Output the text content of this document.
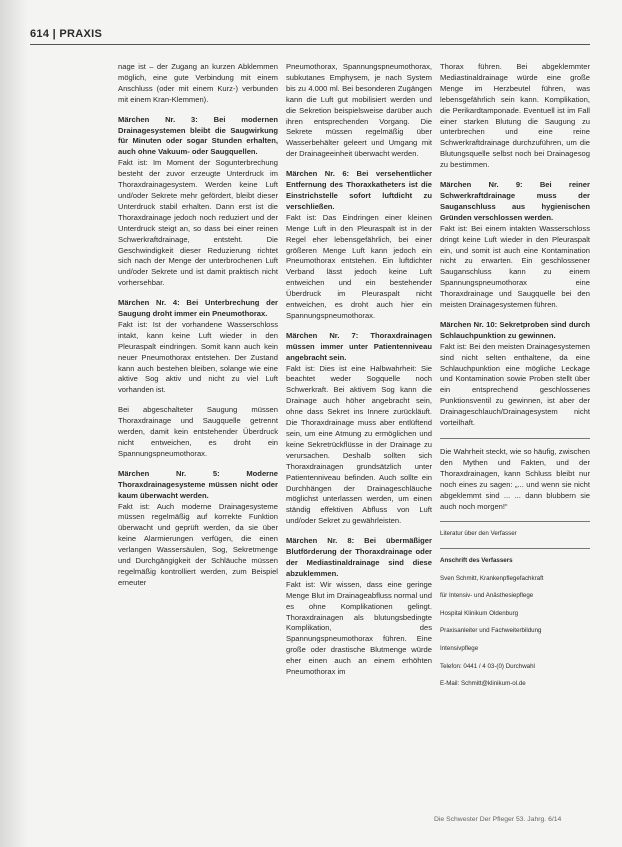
614 | PRAXIS

nage ist – der Zugang an kurzen Abklemmen möglich, eine gute Verbindung mit einem Anschluss (oder mit einem Kurz-) verbunden mit einem Kran-Klemmen).

Märchen Nr. 3: Bei modernen Drainagesystemen bleibt die Saugwirkung für Minuten oder sogar Stunden erhalten, auch ohne Vakuum- oder Saugquellen.

Fakt ist: Im Moment der Sogunterbrechung besteht der zuvor erzeugte Unterdruck im Thoraxdrainagesystem. Werden keine Luft und/oder Sekrete mehr gefördert, bleibt dieser Unterdruck stabil erhalten. Dann erst ist die Thoraxdrainage jedoch noch reduziert und der Unterdruck steigt an, so dass bei einer reinen Schwerkraftdrainage, entsteht. Die Geschwindigkeit dieser Reduzierung richtet sich nach der Menge der unterbrochenen Luft und/oder Sekrete und ist damit praktisch nicht vorhersehbar.

Märchen Nr. 4: Bei Unterbrechung der Saugung droht immer ein Pneumothorax.

Fakt ist: Ist der vorhandene Wasserschloss intakt, kann keine Luft wieder in den Pleuraspalt eindringen. Somit kann auch kein neuer Pneumothorax entstehen. Der Zustand kann auch bestehen bleiben, solange wie eine aktive Sog aktiv und nicht zu viel Luft vorhanden ist.

Bei abgeschalteter Saugung müssen Thoraxdrainage und Saugquelle getrennt werden, damit kein entstehender Überdruck nicht entweichen, es droht ein Spannungspneumothorax.

Märchen Nr. 5: Moderne Thoraxdrainagesysteme müssen nicht oder kaum überwacht werden.

Fakt ist: Auch moderne Drainagesysteme müssen regelmäßig auf korrekte Funktion überwacht und geprüft werden, da sie über keine Alarmierungen verfügen, die einen verlangen Wassersäulen, Sog, Sekretmenge und Durchgängigkeit der Schläuche müssen regelmäßig kontrolliert werden, zum Beispiel erneuter

Pneumothorax, Spannungspneumothorax, subkutanes Emphysem, je nach System bis zu 4.000 ml. Bei besonderen Zugängen kann die Luft gut mobilisiert werden und die Sekretion beispielsweise darüber auch ihren entsprechenden Vorgang. Die Sekrete müssen regelmäßig über Wasserbehälter geleert und Umgang mit der Drainageeinheit überwacht werden.

Märchen Nr. 6: Bei versehentlicher Entfernung des Thoraxkatheters ist die Einstrichstelle sofort luftdicht zu verschließen.

Fakt ist: Das Eindringen einer kleinen Menge Luft in den Pleuraspalt ist in der Regel eher lebensgefährlich, bei einer größeren Menge Luft kann jedoch ein Pneumothorax entstehen. Ein luftdichter Verband lässt jedoch keine Luft entweichen und ein bestehender Überdruck im Pleuraspalt nicht entweichen, es droht auch hier ein Spannungspneumothorax.

Märchen Nr. 7: Thoraxdrainagen müssen immer unter Patientenniveau angebracht sein.

Fakt ist: Dies ist eine Halbwahrheit: Sie beachtet weder Sogquelle noch Schwerkraft. Bei aktivem Sog kann die Drainage auch höher angebracht sein, ohne dass Sekret ins Innere zurückläuft. Die Thoraxdrainage muss aber entlüftend sein, um eine Atmung zu ermöglichen und keine Sekretrückflüsse in der Drainage zu verursachen. Deshalb sollten sich Thoraxdrainagen grundsätzlich unter Patientenniveau befinden. Auch sollte ein Durchhängen der Drainageschläuche möglichst unterlassen werden, um einen ständig effektiven Abfluss von Luft und/oder Sekret zu gewährleisten.

Märchen Nr. 8: Bei übermäßiger Blutförderung der Thoraxdrainage oder der Mediastinaldrainage sind diese abzuklemmen.

Fakt ist: Wir wissen, dass eine geringe Menge Blut im Drainageabfluss normal und es ohne Komplikationen gelingt. Thoraxdrainagen als blutungsbedingte Komplikation, des Spannungspneumothorax führen. Eine große oder drastische Blutmenge würde eher einen auch an einem erhöhten Pneumothorax im

Thorax führen. Bei abgeklemmter Mediastinaldrainage würde eine große Menge im Herzbeutel führen, was lebensgefährlich sein kann. Komplikation, die Perikardtamponade. Eventuell ist im Fall einer starken Blutung die Saugung zu unterbrechen und eine reine Schwerkraftdrainage durchzuführen, um die Blutungsquelle selbst noch bei Drainagesog zu bestimmen.

Märchen Nr. 9: Bei reiner Schwerkraftdrainage muss der Sauganschluss aus hygienischen Gründen verschlossen werden.

Fakt ist: Bei einem intakten Wasserschloss dringt keine Luft wieder in den Pleuraspalt ein, und somit ist auch eine Kontamination nicht zu erwarten. Ein geschlossener Sauganschluss kann zu einem Spannungspneumothorax eine Thoraxdrainage und Saugquelle bei den meisten Drainagesystemen führen.

Märchen Nr. 10: Sekretproben sind durch Schlauchpunktion zu gewinnen.

Fakt ist: Bei den meisten Drainagesystemen sind nicht selten enthaltene, da eine Schlauchpunktion eine mögliche Leckage und Kontamination sowie Proben stellt über ein entsprechend geschlossenes Punktionsventil zu gewinnen, ist aber der Drainageschlauch/Drainagesystem nicht vorteilhaft.

Die Wahrheit steckt, wie so häufig, zwischen den Mythen und Fakten, und der Thoraxdrainagen, kann Schluss bleibt nur noch eines zu sagen: „... und wenn sie nicht abgeklemmt sind ... ... dann blubbern sie auch noch morgen!“

Literatur über den Verfasser

Anschrift des Verfassers

Sven Schmitt, Krankenpflegefachkraft

für Intensiv- und Anästhesiepflege

Hospital Klinikum Oldenburg

Praxisanleiter und Fachweiterbildung

Intensivpflege

Telefon: 0441 / 4 03-(0) Durchwahl

E-Mail: Schmitt@klinikum-ol.de

Die Schwester Der Pfleger 53. Jahrg. 6/14
